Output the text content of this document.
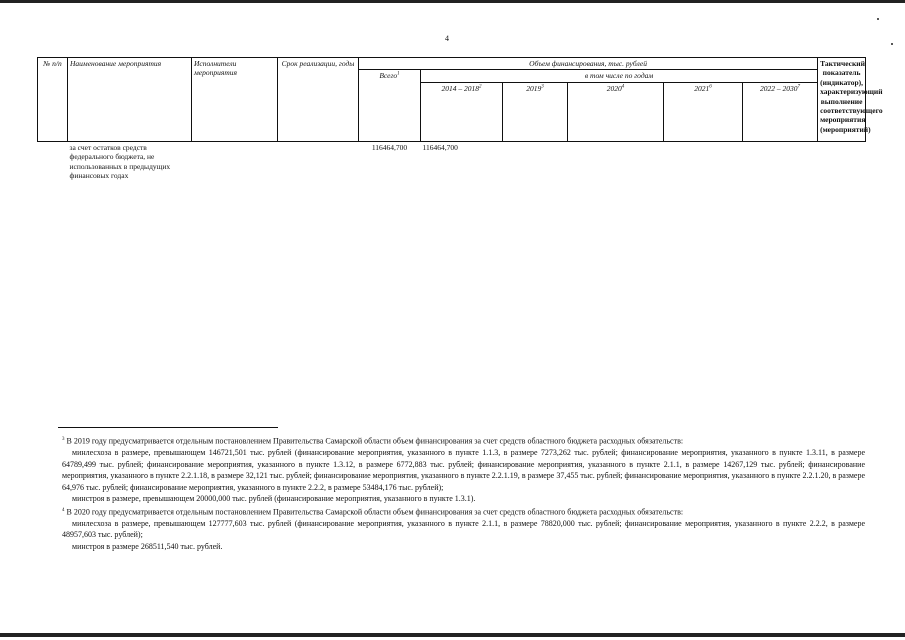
4
№ п/п	Наименование мероприятия	Исполнители мероприятия	Срок реализации, годы	Объем финансирования, тыс. рублей						Тактический показатель (индикатор), характеризующий выполнение соответствующего мероприятия (мероприятий)
				Всего$^1$	в том числе по годам					
					2014 – 2018$^2$	2019$^3$	2020$^4$	2021$^6$	2022 – 2030$^7$
	за счет остатков средств федерального бюджета, не использованных в предыдущих финансовых годах			116464,700	116464,700					

$^3$ В 2019 году предусматривается отдельным постановлением Правительства Самарской области объем финансирования за счет средств областного бюджета расходных обязательств:

минлесхоза в размере, превышающем 146721,501 тыс. рублей (финансирование мероприятия, указанного в пункте 1.1.3, в размере 7273,262 тыс. рублей; финансирование мероприятия, указанного в пункте 1.3.11, в размере 64789,499 тыс. рублей; финансирование мероприятия, указанного в пункте 1.3.12, в размере 6772,883 тыс. рублей; финансирование мероприятия, указанного в пункте 2.1.1, в размере 14267,129 тыс. рублей; финансирование мероприятия, указанного в пункте 2.2.1.18, в размере 32,121 тыс. рублей; финансирование мероприятия, указанного в пункте 2.2.1.19, в размере 37,455 тыс. рублей; финансирование мероприятия, указанного в пункте 2.2.1.20, в размере 64,976 тыс. рублей; финансирование мероприятия, указанного в пункте 2.2.2, в размере 53484,176 тыс. рублей);

минстроя в размере, превышающем 20000,000 тыс. рублей (финансирование мероприятия, указанного в пункте 1.3.1).

$^4$ В 2020 году предусматривается отдельным постановлением Правительства Самарской области объем финансирования за счет средств областного бюджета расходных обязательств:

минлесхоза в размере, превышающем 127777,603 тыс. рублей (финансирование мероприятия, указанного в пункте 2.1.1, в размере 78820,000 тыс. рублей; финансирование мероприятия, указанного в пункте 2.2.2, в размере 48957,603 тыс. рублей);

минстроя в размере 268511,540 тыс. рублей.
